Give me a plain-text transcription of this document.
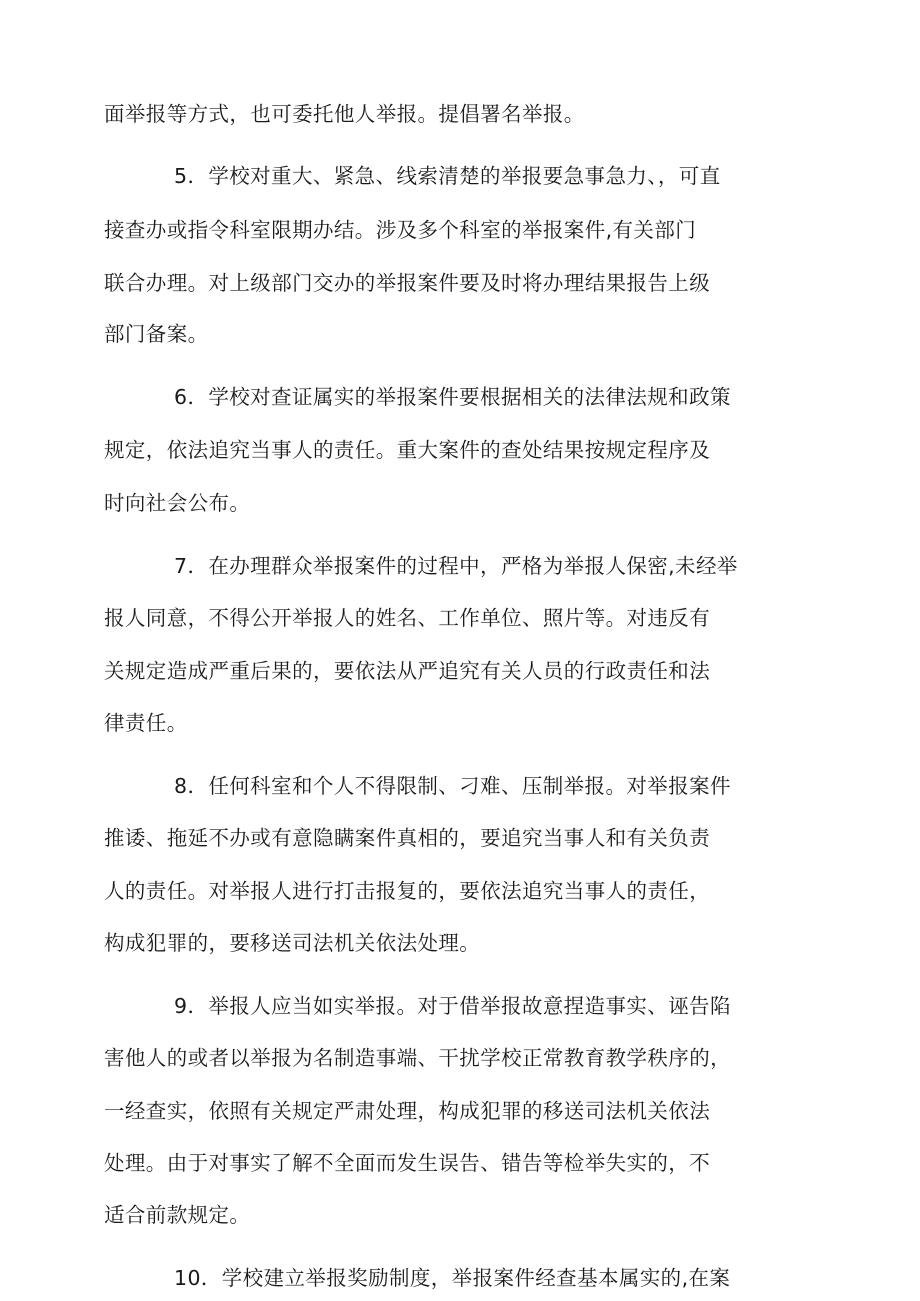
面举报等方式，也可委托他人举报。提倡署名举报。
5．学校对重大、紧急、线索清楚的举报要急事急力、，可直
接查办或指令科室限期办结。涉及多个科室的举报案件,有关部门
联合办理。对上级部门交办的举报案件要及时将办理结果报告上级
部门备案。
6．学校对查证属实的举报案件要根据相关的法律法规和政策
规定，依法追究当事人的责任。重大案件的查处结果按规定程序及
时向社会公布。
7．在办理群众举报案件的过程中，严格为举报人保密,未经举
报人同意，不得公开举报人的姓名、工作单位、照片等。对违反有
关规定造成严重后果的，要依法从严追究有关人员的行政责任和法
律责任。
8．任何科室和个人不得限制、刁难、压制举报。对举报案件
推诿、拖延不办或有意隐瞒案件真相的，要追究当事人和有关负责
人的责任。对举报人进行打击报复的，要依法追究当事人的责任，
构成犯罪的，要移送司法机关依法处理。
9．举报人应当如实举报。对于借举报故意捏造事实、诬告陷
害他人的或者以举报为名制造事端、干扰学校正常教育教学秩序的，
一经查实，依照有关规定严肃处理，构成犯罪的移送司法机关依法
处理。由于对事实了解不全面而发生误告、错告等检举失实的，不
适合前款规定。
10．学校建立举报奖励制度，举报案件经查基本属实的,在案
